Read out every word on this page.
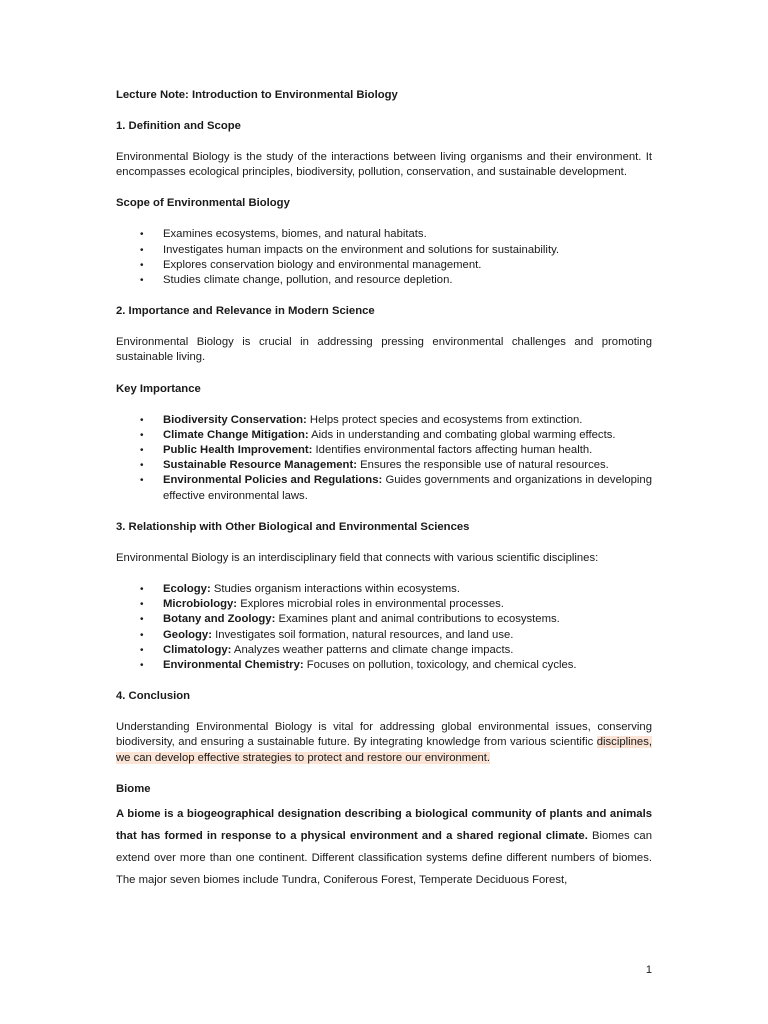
Lecture Note: Introduction to Environmental Biology

1. Definition and Scope

Environmental Biology is the study of the interactions between living organisms and their environment. It encompasses ecological principles, biodiversity, pollution, conservation, and sustainable development.

Scope of Environmental Biology

• Examines ecosystems, biomes, and natural habitats.
• Investigates human impacts on the environment and solutions for sustainability.
• Explores conservation biology and environmental management.
• Studies climate change, pollution, and resource depletion.

2. Importance and Relevance in Modern Science

Environmental Biology is crucial in addressing pressing environmental challenges and promoting sustainable living.

Key Importance

• Biodiversity Conservation: Helps protect species and ecosystems from extinction.
• Climate Change Mitigation: Aids in understanding and combating global warming effects.
• Public Health Improvement: Identifies environmental factors affecting human health.
• Sustainable Resource Management: Ensures the responsible use of natural resources.
• Environmental Policies and Regulations: Guides governments and organizations in developing effective environmental laws.

3. Relationship with Other Biological and Environmental Sciences

Environmental Biology is an interdisciplinary field that connects with various scientific disciplines:

• Ecology: Studies organism interactions within ecosystems.
• Microbiology: Explores microbial roles in environmental processes.
• Botany and Zoology: Examines plant and animal contributions to ecosystems.
• Geology: Investigates soil formation, natural resources, and land use.
• Climatology: Analyzes weather patterns and climate change impacts.
• Environmental Chemistry: Focuses on pollution, toxicology, and chemical cycles.

4. Conclusion

Understanding Environmental Biology is vital for addressing global environmental issues, conserving biodiversity, and ensuring a sustainable future. By integrating knowledge from various scientific disciplines, we can develop effective strategies to protect and restore our environment.

Biome

A biome is a biogeographical designation describing a biological community of plants and animals that has formed in response to a physical environment and a shared regional climate. Biomes can extend over more than one continent. Different classification systems define different numbers of biomes. The major seven biomes include Tundra, Coniferous Forest, Temperate Deciduous Forest,

1
